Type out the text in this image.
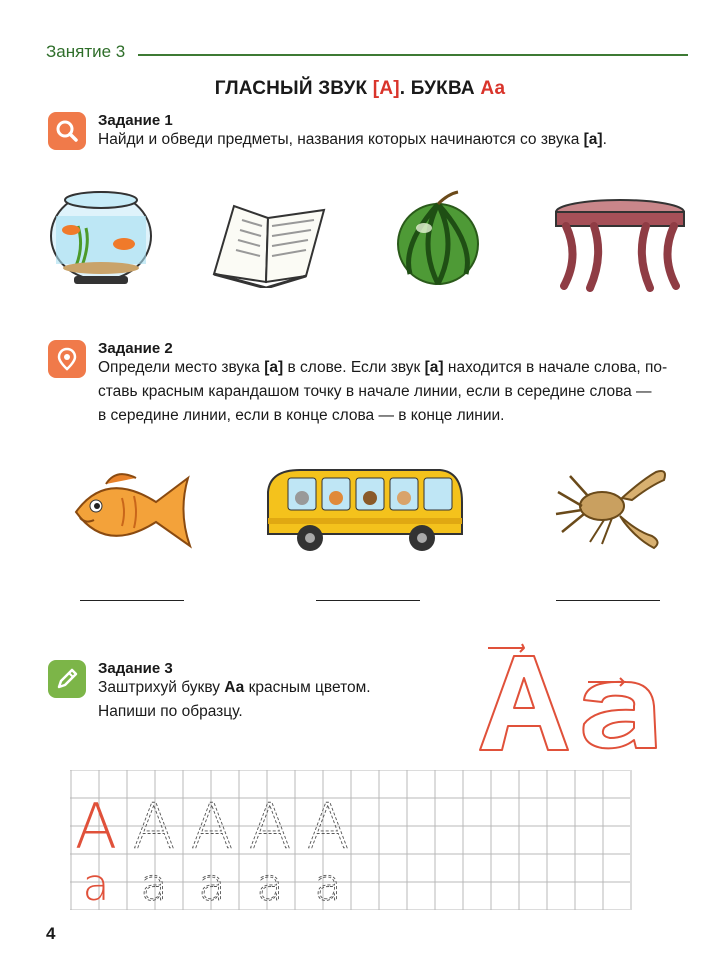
Занятие 3
ГЛАСНЫЙ ЗВУК [А]. БУКВА Аа
Задание 1
Найди и обведи предметы, названия которых начинаются со звука [а].
Задание 2
Определи место звука [а] в слове. Если звук [а] находится в начале слова, по-
ставь красным карандашом точку в начале линии, если в середине слова —
в середине линии, если в конце слова — в конце линии.
Задание 3
Заштрихуй букву Аа красным цветом.
Напиши по образцу.
А А А А А
а а а а а
4
